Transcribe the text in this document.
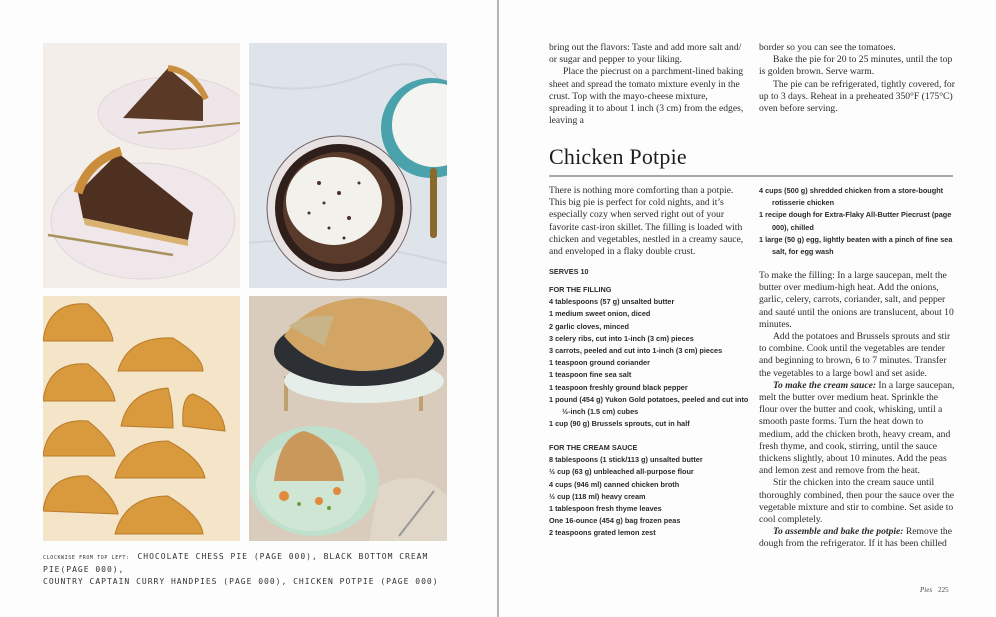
CLOCKWISE FROM TOP LEFT: CHOCOLATE CHESS PIE (PAGE 000), BLACK BOTTOM CREAM PIE(PAGE 000),
COUNTRY CAPTAIN CURRY HANDPIES (PAGE 000), CHICKEN POTPIE (PAGE 000)

bring out the flavors: Taste and add more salt and/ or sugar and pepper to your liking.

Place the piecrust on a parchment-lined baking sheet and spread the tomato mixture evenly in the crust. Top with the mayo-cheese mixture, spreading it to about 1 inch (3 cm) from the edges, leaving a

border so you can see the tomatoes.

Bake the pie for 20 to 25 minutes, until the top is golden brown. Serve warm.

The pie can be refrigerated, tightly covered, for up to 3 days. Reheat in a preheated 350°F (175°C) oven before serving.

Chicken Potpie
There is nothing more comforting than a potpie. This big pie is perfect for cold nights, and it’s especially cozy when served right out of your favorite cast-iron skillet. The filling is loaded with chicken and vegetables, nestled in a creamy sauce, and enveloped in a flaky double crust.
SERVES 10
FOR THE FILLING
4 tablespoons (57 g) unsalted butter
1 medium sweet onion, diced
2 garlic cloves, minced
3 celery ribs, cut into 1-inch (3 cm) pieces
3 carrots, peeled and cut into 1-inch (3 cm) pieces
1 teaspoon ground coriander
1 teaspoon fine sea salt
1 teaspoon freshly ground black pepper
1 pound (454 g) Yukon Gold potatoes, peeled and cut into ½-inch (1.5 cm) cubes
1 cup (90 g) Brussels sprouts, cut in half
FOR THE CREAM SAUCE
8 tablespoons (1 stick/113 g) unsalted butter
½ cup (63 g) unbleached all-purpose flour
4 cups (946 ml) canned chicken broth
½ cup (118 ml) heavy cream
1 tablespoon fresh thyme leaves
One 16-ounce (454 g) bag frozen peas
2 teaspoons grated lemon zest
4 cups (500 g) shredded chicken from a store-bought rotisserie chicken
1 recipe dough for Extra-Flaky All-Butter Piecrust (page 000), chilled
1 large (50 g) egg, lightly beaten with a pinch of fine sea salt, for egg wash

To make the filling: In a large saucepan, melt the butter over medium-high heat. Add the onions, garlic, celery, carrots, coriander, salt, and pepper and sauté until the onions are translucent, about 10 minutes.

Add the potatoes and Brussels sprouts and stir to combine. Cook until the vegetables are tender and beginning to brown, 6 to 7 minutes. Transfer the vegetables to a large bowl and set aside.

To make the cream sauce: In a large saucepan, melt the butter over medium heat. Sprinkle the flour over the butter and cook, whisking, until a smooth paste forms. Turn the heat down to medium, add the chicken broth, heavy cream, and fresh thyme, and cook, stirring, until the sauce thickens slightly, about 10 minutes. Add the peas and lemon zest and remove from the heat.

Stir the chicken into the cream sauce until thoroughly combined, then pour the sauce over the vegetable mixture and stir to combine. Set aside to cool completely.

To assemble and bake the potpie: Remove the dough from the refrigerator. If it has been chilled

Pies 225
